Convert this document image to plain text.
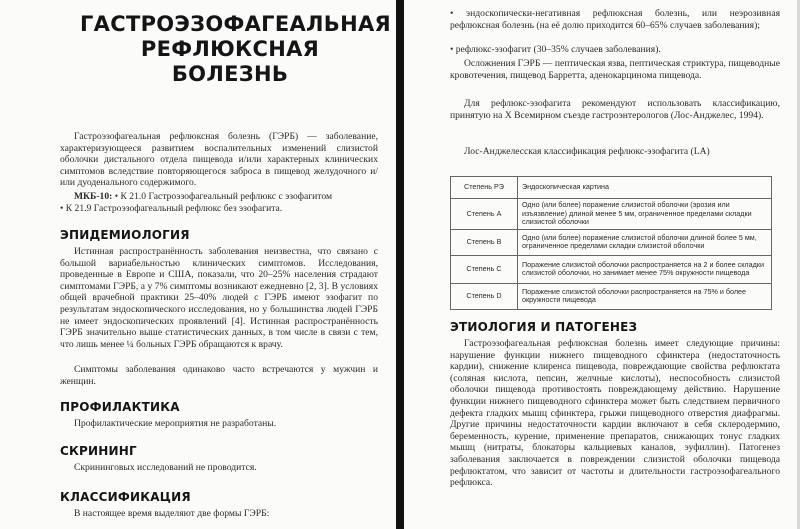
ГАСТРОЭЗОФАГЕАЛЬНАЯ
РЕФЛЮКСНАЯ БОЛЕЗНЬ
Гастроэзофагеальная рефлюксная болезнь (ГЭРБ) — заболевание, характеризующееся развитием воспалительных изменений слизистой оболочки дистального отдела пищевода и/или характерных клинических симптомов вследствие повторяющегося заброса в пищевод желудочного и/или дуоденального содержимого.
МКБ-10: • К 21.0 Гастроэзофагеальный рефлюкс с эзофагитом
• К 21.9 Гастроэзофагеальный рефлюкс без эзофагита.
ЭПИДЕМИОЛОГИЯ
Истинная распространённость заболевания неизвестна, что связано с большой вариабельностью клинических симптомов. Исследования, проведенные в Европе и США, показали, что 20–25% населения страдают симптомами ГЭРБ, а у 7% симптомы возникают ежедневно [2, 3]. В условиях общей врачебной практики 25–40% людей с ГЭРБ имеют эзофагит по результатам эндоскопического исследования, но у большинства людей ГЭРБ не имеет эндоскопических проявлений [4]. Истинная распространённость ГЭРБ значительно выше статистических данных, в том числе в связи с тем, что лишь менее ¼ больных ГЭРБ обращаются к врачу.
Симптомы заболевания одинаково часто встречаются у мужчин и женщин.
ПРОФИЛАКТИКА
Профилактические мероприятия не разработаны.
СКРИНИНГ
Скрининговых исследований не проводится.
КЛАССИФИКАЦИЯ
В настоящее время выделяют две формы ГЭРБ:
• эндоскопически-негативная рефлюксная болезнь, или неэрозивная рефлюксная болезнь (на её долю приходится 60–65% случаев заболевания);
• рефлюкс-эзофагит (30–35% случаев заболевания).
Осложнения ГЭРБ — пептическая язва, пептическая стриктура, пищеводные кровотечения, пищевод Барретта, аденокарцинома пищевода.
Для рефлюкс-эзофагита рекомендуют использовать классификацию, принятую на X Всемирном съезде гастроэнтерологов (Лос-Анджелес, 1994).
Лос-Анджелесская классификация рефлюкс-эзофагита (LA)
Степень РЭ	Эндоскопическая картина
Степень A	Одно (или более) поражение слизистой оболочки (эрозия или изъязвление) длиной менее 5 мм, ограниченное пределами складки слизистой оболочки
Степень B	Одно (или более) поражение слизистой оболочки длиной более 5 мм, ограниченное пределами складки слизистой оболочки
Степень C	Поражение слизистой оболочки распространяется на 2 и более складки слизистой оболочки, но занимает менее 75% окружности пищевода
Степень D	Поражение слизистой оболочки распространяется на 75% и более окружности пищевода
ЭТИОЛОГИЯ И ПАТОГЕНЕЗ
Гастроэзофагеальная рефлюксная болезнь имеет следующие причины: нарушение функции нижнего пищеводного сфинктера (недостаточность кардии), снижение клиренса пищевода, повреждающие свойства рефлюктата (соляная кислота, пепсин, желчные кислоты), неспособность слизистой оболочки пищевода противостоять повреждающему действию. Нарушение функции нижнего пищеводного сфинктера может быть следствием первичного дефекта гладких мышц сфинктера, грыжи пищеводного отверстия диафрагмы. Другие причины недостаточности кардии включают в себя склеродермию, беременность, курение, применение препаратов, снижающих тонус гладких мышц (нитраты, блокаторы кальциевых каналов, эуфиллин). Патогенез заболевания заключается в повреждении слизистой оболочки пищевода рефлюктатом, что зависит от частоты и длительности гастроэзофагеального рефлюкса.
